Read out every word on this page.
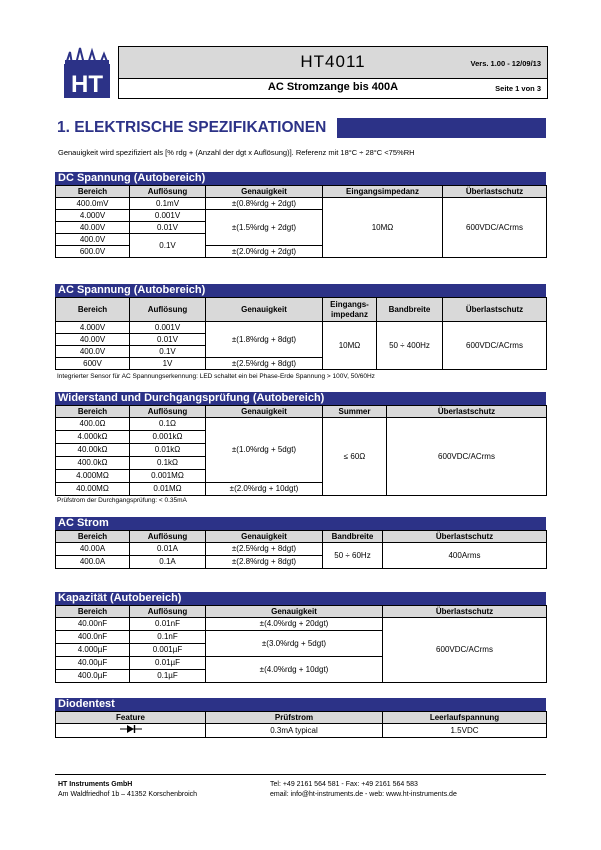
HT
HT4011	Vers. 1.00 - 12/09/13
AC Stromzange bis 400A	Seite 1 von 3
1. ELEKTRISCHE SPEZIFIKATIONEN
Genauigkeit wird spezifiziert als [% rdg + (Anzahl der dgt x Auflösung)]. Referenz mit 18°C ÷ 28°C <75%RH
DC Spannung (Autobereich)
Bereich	Auflösung	Genauigkeit	Eingangsimpedanz	Überlastschutz
400.0mV	0.1mV	±(0.8%rdg + 2dgt)	10MΩ	600VDC/ACrms
4.000V	0.001V	±(1.5%rdg + 2dgt)		
40.00V	0.01V			
400.0V	0.1V			
600.0V		±(2.0%rdg + 2dgt)		
AC Spannung (Autobereich)
Bereich	Auflösung	Genauigkeit	Eingangs-impedanz	Bandbreite	Überlastschutz
4.000V	0.001V	±(1.8%rdg + 8dgt)	10MΩ	50 ÷ 400Hz	600VDC/ACrms
40.00V	0.01V				
400.0V	0.1V				
600V	1V	±(2.5%rdg + 8dgt)			
Integrierter Sensor für AC Spannungserkennung: LED schaltet ein bei Phase-Erde Spannung > 100V, 50/60Hz
Widerstand und Durchgangsprüfung (Autobereich)
Bereich	Auflösung	Genauigkeit	Summer	Überlastschutz
400.0Ω	0.1Ω	±(1.0%rdg + 5dgt)	≤ 60Ω	600VDC/ACrms
4.000kΩ	0.001kΩ			
40.00kΩ	0.01kΩ			
400.0kΩ	0.1kΩ			
4.000MΩ	0.001MΩ			
40.00MΩ	0.01MΩ	±(2.0%rdg + 10dgt)		
Prüfstrom der Durchgangsprüfung: < 0.35mA
AC Strom
Bereich	Auflösung	Genauigkeit	Bandbreite	Überlastschutz
40.00A	0.01A	±(2.5%rdg + 8dgt)	50 ÷ 60Hz	400Arms
400.0A	0.1A	±(2.8%rdg + 8dgt)		
Kapazität (Autobereich)
Bereich	Auflösung	Genauigkeit	Überlastschutz
40.00nF	0.01nF	±(4.0%rdg + 20dgt)	600VDC/ACrms
400.0nF	0.1nF	±(3.0%rdg + 5dgt)	
4.000µF	0.001µF		
40.00µF	0.01µF	±(4.0%rdg + 10dgt)	
400.0µF	0.1µF		
Diodentest
Feature	Prüfstrom	Leerlaufspannung
	0.3mA typical	1.5VDC
HT Instruments GmbH
Am Waldfriedhof 1b – 41352 Korschenbroich
Tel: +49 2161 564 581 - Fax: +49 2161 564 583
email: info@ht-instruments.de - web: www.ht-instruments.de
